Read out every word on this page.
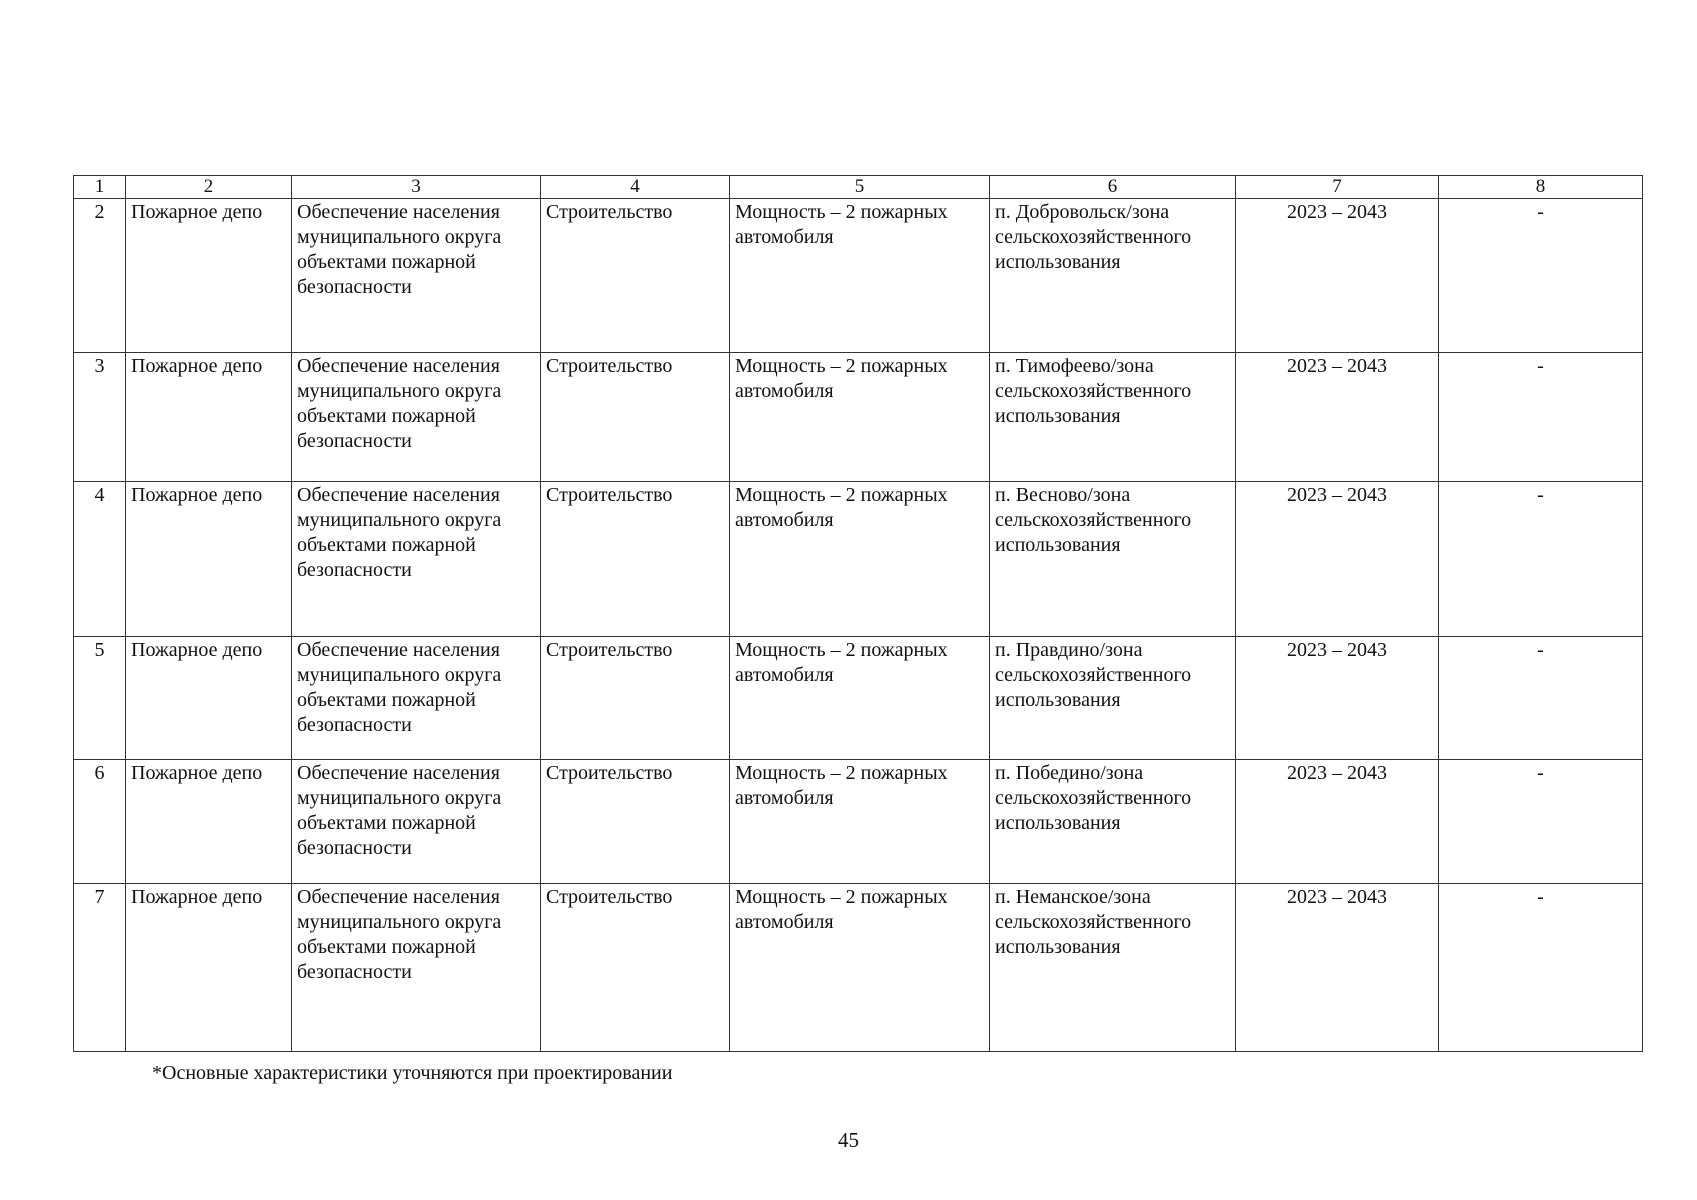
1	2	3	4	5	6	7	8
2	Пожарное депо	Обеспечение населения муниципального округа объектами пожарной безопасности	Строительство	Мощность – 2 пожарных автомобиля	п. Добровольск/зона сельскохозяйственного использования	2023 – 2043	-
3	Пожарное депо	Обеспечение населения муниципального округа объектами пожарной безопасности	Строительство	Мощность – 2 пожарных автомобиля	п. Тимофеево/зона сельскохозяйственного использования	2023 – 2043	-
4	Пожарное депо	Обеспечение населения муниципального округа объектами пожарной безопасности	Строительство	Мощность – 2 пожарных автомобиля	п. Весново/зона сельскохозяйственного использования	2023 – 2043	-
5	Пожарное депо	Обеспечение населения муниципального округа объектами пожарной безопасности	Строительство	Мощность – 2 пожарных автомобиля	п. Правдино/зона сельскохозяйственного использования	2023 – 2043	-
6	Пожарное депо	Обеспечение населения муниципального округа объектами пожарной безопасности	Строительство	Мощность – 2 пожарных автомобиля	п. Побединo/зона сельскохозяйственного использования	2023 – 2043	-
7	Пожарное депо	Обеспечение населения муниципального округа объектами пожарной безопасности	Строительство	Мощность – 2 пожарных автомобиля	п. Неманское/зона сельскохозяйственного использования	2023 – 2043	-
*Основные характеристики уточняются при проектировании
45
